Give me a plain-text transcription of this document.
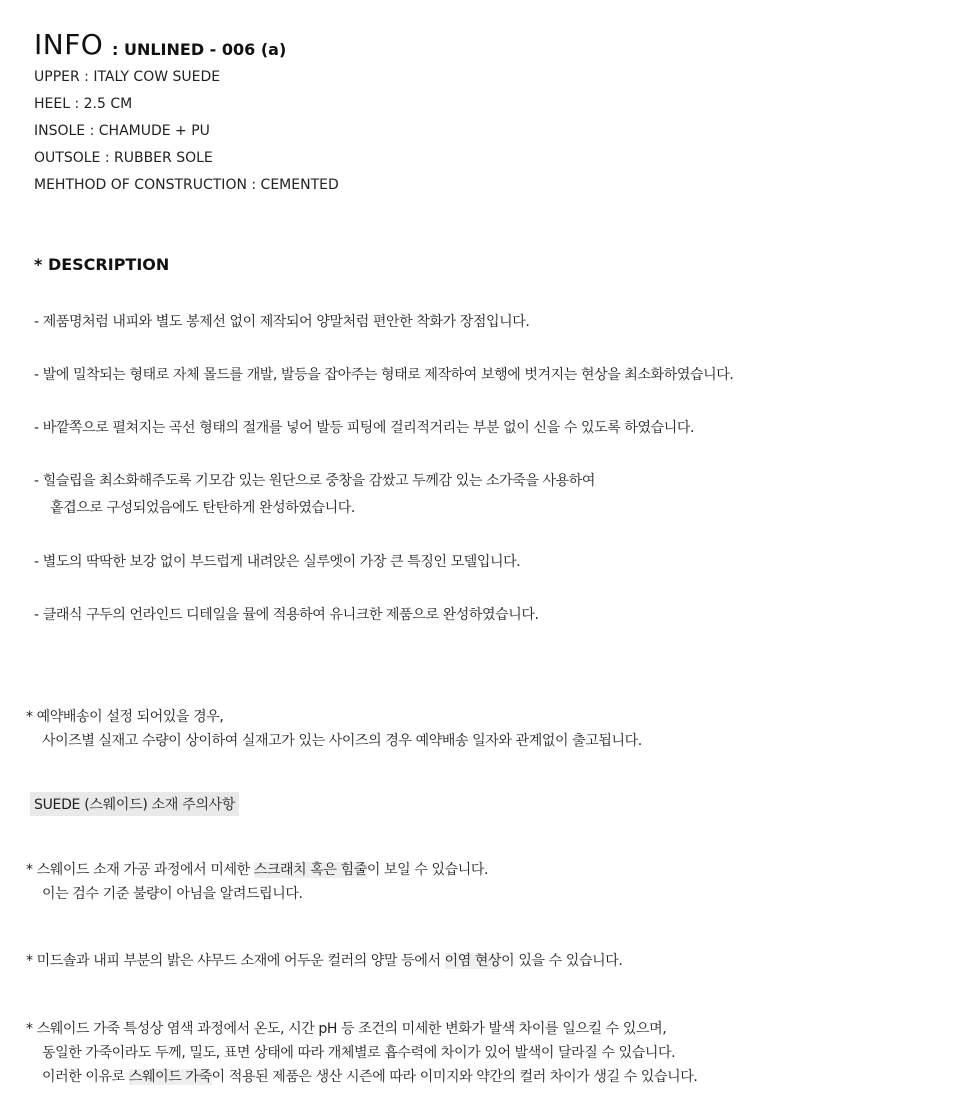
INFO : UNLINED - 006 (a)
UPPER : ITALY COW SUEDE
HEEL : 2.5 CM
INSOLE : CHAMUDE + PU
OUTSOLE : RUBBER SOLE
MEHTHOD OF CONSTRUCTION : CEMENTED
* DESCRIPTION
- 제품명처럼 내피와 별도 봉제선 없이 제작되어 양말처럼 편안한 착화가 장점입니다.
- 발에 밀착되는 형태로 자체 몰드를 개발, 발등을 잡아주는 형태로 제작하여 보행에 벗겨지는 현상을 최소화하였습니다.
- 바깥쪽으로 펼쳐지는 곡선 형태의 절개를 넣어 발등 피팅에 걸리적거리는 부분 없이 신을 수 있도록 하였습니다.
- 힐슬립을 최소화해주도록 기모감 있는 원단으로 중창을 감쌌고 두께감 있는 소가죽을 사용하여
홑겹으로 구성되었음에도 탄탄하게 완성하였습니다.
- 별도의 딱딱한 보강 없이 부드럽게 내려앉은 실루엣이 가장 큰 특징인 모델입니다.
- 클래식 구두의 언라인드 디테일을 뮬에 적용하여 유니크한 제품으로 완성하였습니다.
* 예약배송이 설정 되어있을 경우,
사이즈별 실재고 수량이 상이하여 실재고가 있는 사이즈의 경우 예약배송 일자와 관계없이 출고됩니다.
SUEDE (스웨이드) 소재 주의사항
* 스웨이드 소재 가공 과정에서 미세한 스크래치 혹은 힘줄이 보일 수 있습니다.
이는 검수 기준 불량이 아님을 알려드립니다.
* 미드솔과 내피 부분의 밝은 샤무드 소재에 어두운 컬러의 양말 등에서 이염 현상이 있을 수 있습니다.
* 스웨이드 가죽 특성상 염색 과정에서 온도, 시간 pH 등 조건의 미세한 변화가 발색 차이를 일으킬 수 있으며,
동일한 가죽이라도 두께, 밀도, 표면 상태에 따라 개체별로 흡수력에 차이가 있어 발색이 달라질 수 있습니다.
이러한 이유로 스웨이드 가죽이 적용된 제품은 생산 시즌에 따라 이미지와 약간의 컬러 차이가 생길 수 있습니다.
